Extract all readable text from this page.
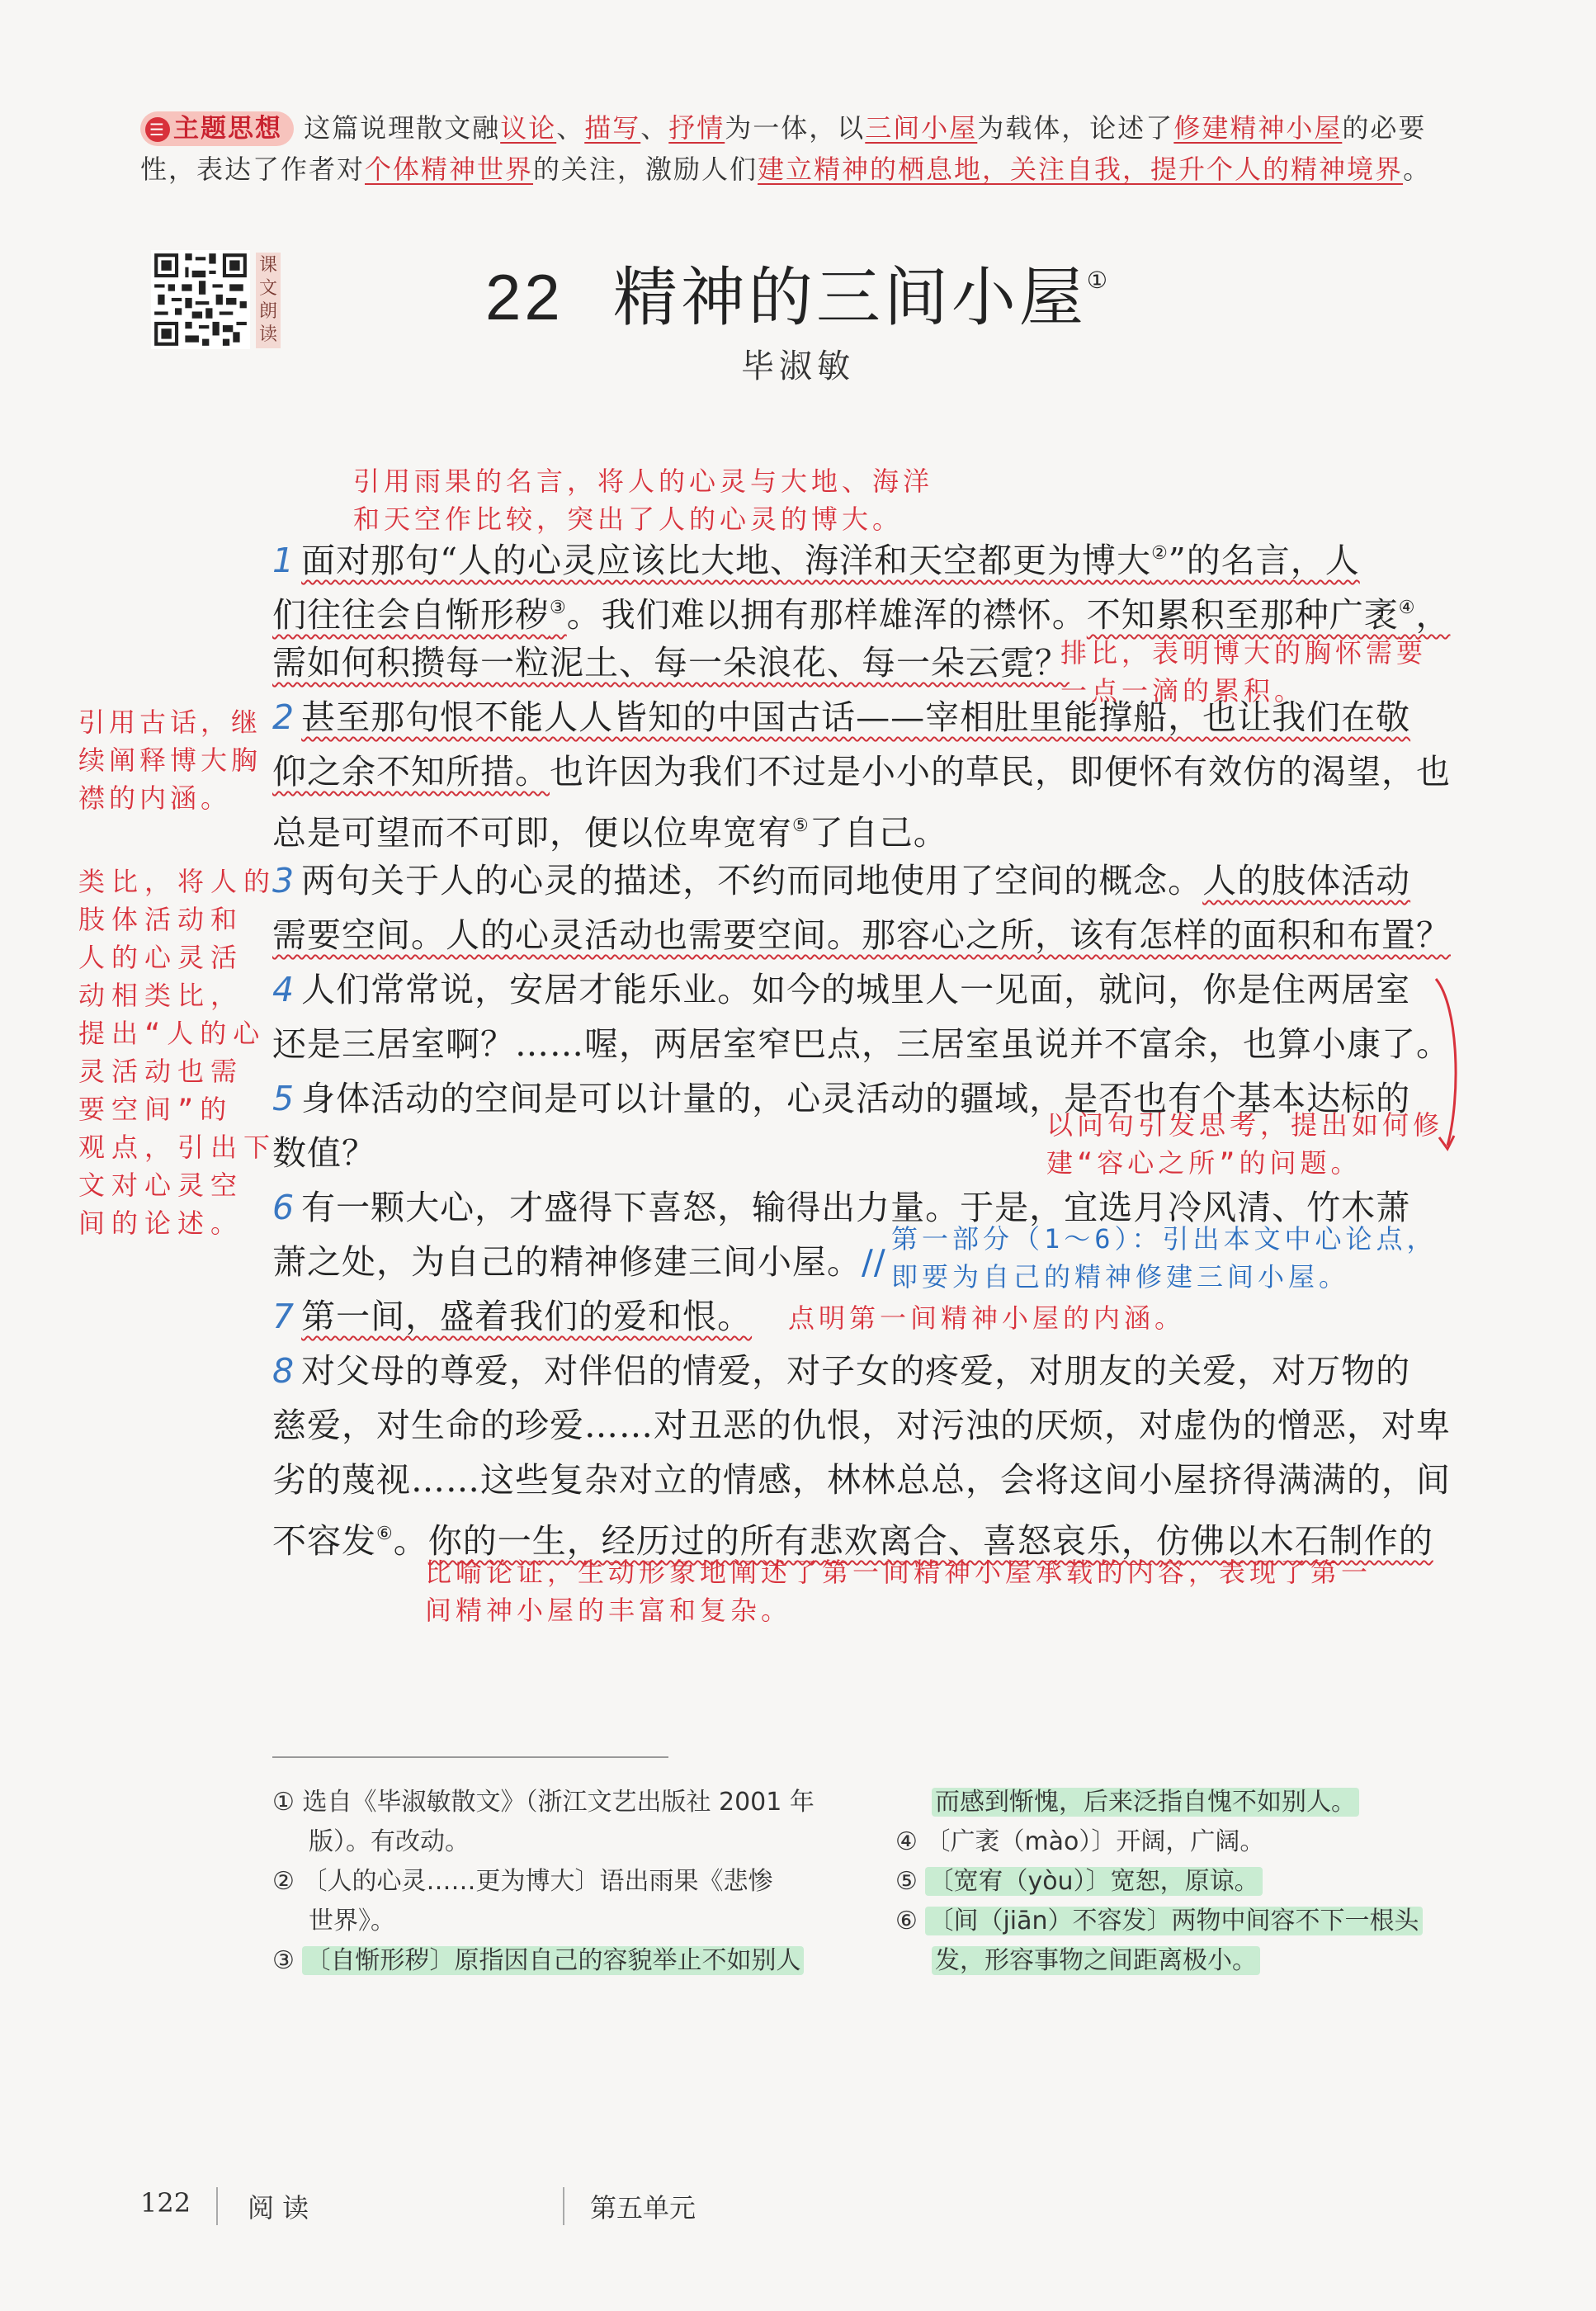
☰ 主题思想 这篇说理散文融议论、描写、抒情为一体，以三间小屋为载体，论述了修建精神小屋的必要性，表达了作者对个体精神世界的关注，激励人们建立精神的栖息地，关注自我，提升个人的精神境界。
课
文
朗
读
22 精神的三间小屋①
毕淑敏
引用雨果的名言，将人的心灵与大地、海洋
和天空作比较，突出了人的心灵的博大。
1 面对那句“人的心灵应该比大地、海洋和天空都更为博大②”的名言，人
们往往会自惭形秽③。我们难以拥有那样雄浑的襟怀。不知累积至那种广袤④，
需如何积攒每一粒泥土、每一朵浪花、每一朵云霓？
排比，表明博大的胸怀需要
一点一滴的累积。
引用古话，继
续阐释博大胸
襟的内涵。
2 甚至那句恨不能人人皆知的中国古话——宰相肚里能撑船，也让我们在敬
仰之余不知所措。也许因为我们不过是小小的草民，即便怀有效仿的渴望，也
总是可望而不可即，便以位卑宽宥⑤了自己。
类比，将人的
肢体活动和
人的心灵活
动相类比，
提出“人的心
灵活动也需
要空间”的
观点，引出下
文对心灵空
间的论述。
3 两句关于人的心灵的描述，不约而同地使用了空间的概念。人的肢体活动
需要空间。人的心灵活动也需要空间。那容心之所，该有怎样的面积和布置？
4 人们常常说，安居才能乐业。如今的城里人一见面，就问，你是住两居室
还是三居室啊？……喔，两居室窄巴点，三居室虽说并不富余，也算小康了。
5 身体活动的空间是可以计量的，心灵活动的疆域，是否也有个基本达标的
数值？
以问句引发思考，提出如何修
建“容心之所”的问题。
6 有一颗大心，才盛得下喜怒，输得出力量。于是，宜选月冷风清、竹木萧
萧之处，为自己的精神修建三间小屋。//
第一部分（1～6）：引出本文中心论点，
即要为自己的精神修建三间小屋。
7 第一间，盛着我们的爱和恨。 点明第一间精神小屋的内涵。
8 对父母的尊爱，对伴侣的情爱，对子女的疼爱，对朋友的关爱，对万物的
慈爱，对生命的珍爱……对丑恶的仇恨，对污浊的厌烦，对虚伪的憎恶，对卑
劣的蔑视……这些复杂对立的情感，林林总总，会将这间小屋挤得满满的，间
不容发⑥。你的一生，经历过的所有悲欢离合、喜怒哀乐，仿佛以木石制作的
比喻论证，生动形象地阐述了第一间精神小屋承载的内容，表现了第一
间精神小屋的丰富和复杂。
① 选自《毕淑敏散文》（浙江文艺出版社 2001 年
版）。有改动。
② 〔人的心灵……更为博大〕语出雨果《悲惨
世界》。
③ 〔自惭形秽〕原指因自己的容貌举止不如别人
而感到惭愧，后来泛指自愧不如别人。
④ 〔广袤（mào）〕开阔，广阔。
⑤ 〔宽宥（yòu）〕宽恕，原谅。
⑥ 〔间（jiān）不容发〕两物中间容不下一根头
发，形容事物之间距离极小。
122 阅 读	第五单元
